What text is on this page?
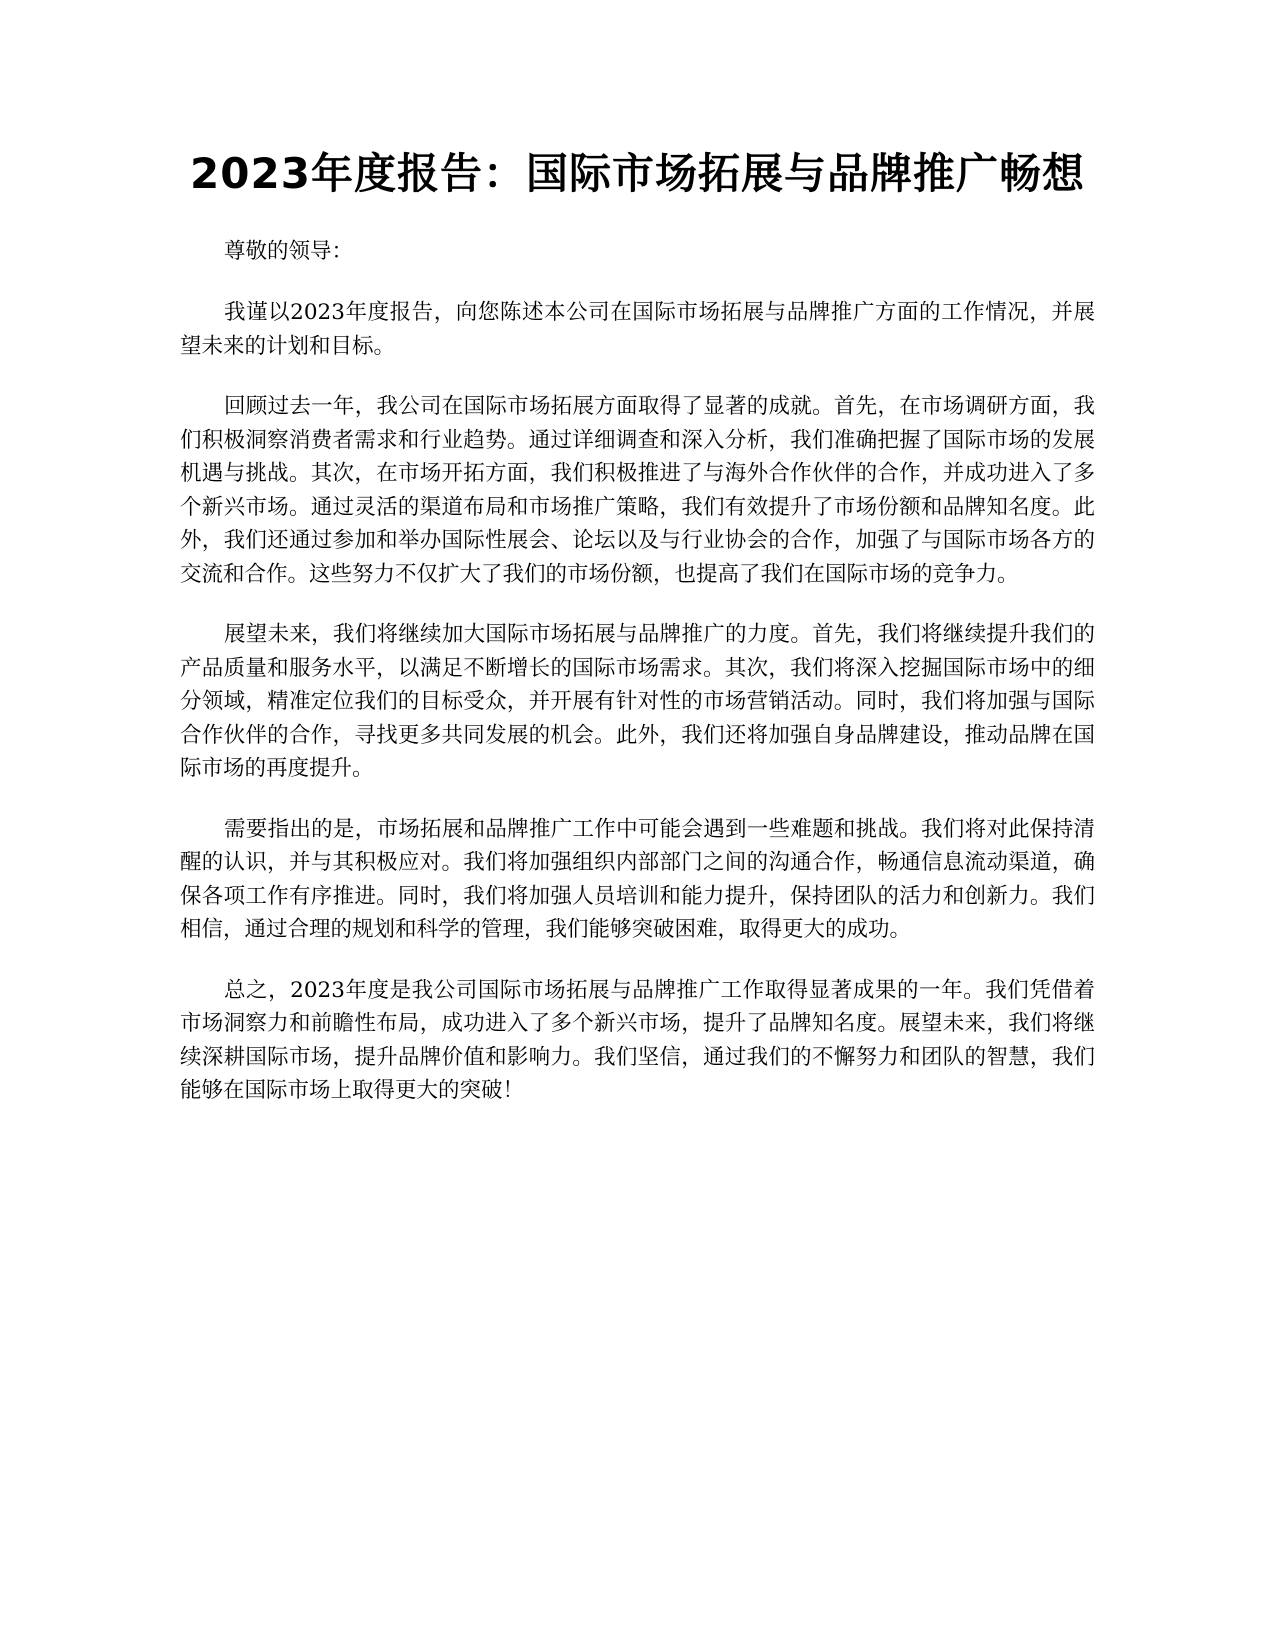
2023年度报告：国际市场拓展与品牌推广畅想

尊敬的领导：

我谨以2023年度报告，向您陈述本公司在国际市场拓展与品牌推广方面的工作情况，并展望未来的计划和目标。

回顾过去一年，我公司在国际市场拓展方面取得了显著的成就。首先，在市场调研方面，我们积极洞察消费者需求和行业趋势。通过详细调查和深入分析，我们准确把握了国际市场的发展机遇与挑战。其次，在市场开拓方面，我们积极推进了与海外合作伙伴的合作，并成功进入了多个新兴市场。通过灵活的渠道布局和市场推广策略，我们有效提升了市场份额和品牌知名度。此外，我们还通过参加和举办国际性展会、论坛以及与行业协会的合作，加强了与国际市场各方的交流和合作。这些努力不仅扩大了我们的市场份额，也提高了我们在国际市场的竞争力。

展望未来，我们将继续加大国际市场拓展与品牌推广的力度。首先，我们将继续提升我们的产品质量和服务水平，以满足不断增长的国际市场需求。其次，我们将深入挖掘国际市场中的细分领域，精准定位我们的目标受众，并开展有针对性的市场营销活动。同时，我们将加强与国际合作伙伴的合作，寻找更多共同发展的机会。此外，我们还将加强自身品牌建设，推动品牌在国际市场的再度提升。

需要指出的是，市场拓展和品牌推广工作中可能会遇到一些难题和挑战。我们将对此保持清醒的认识，并与其积极应对。我们将加强组织内部部门之间的沟通合作，畅通信息流动渠道，确保各项工作有序推进。同时，我们将加强人员培训和能力提升，保持团队的活力和创新力。我们相信，通过合理的规划和科学的管理，我们能够突破困难，取得更大的成功。

总之，2023年度是我公司国际市场拓展与品牌推广工作取得显著成果的一年。我们凭借着市场洞察力和前瞻性布局，成功进入了多个新兴市场，提升了品牌知名度。展望未来，我们将继续深耕国际市场，提升品牌价值和影响力。我们坚信，通过我们的不懈努力和团队的智慧，我们能够在国际市场上取得更大的突破！
